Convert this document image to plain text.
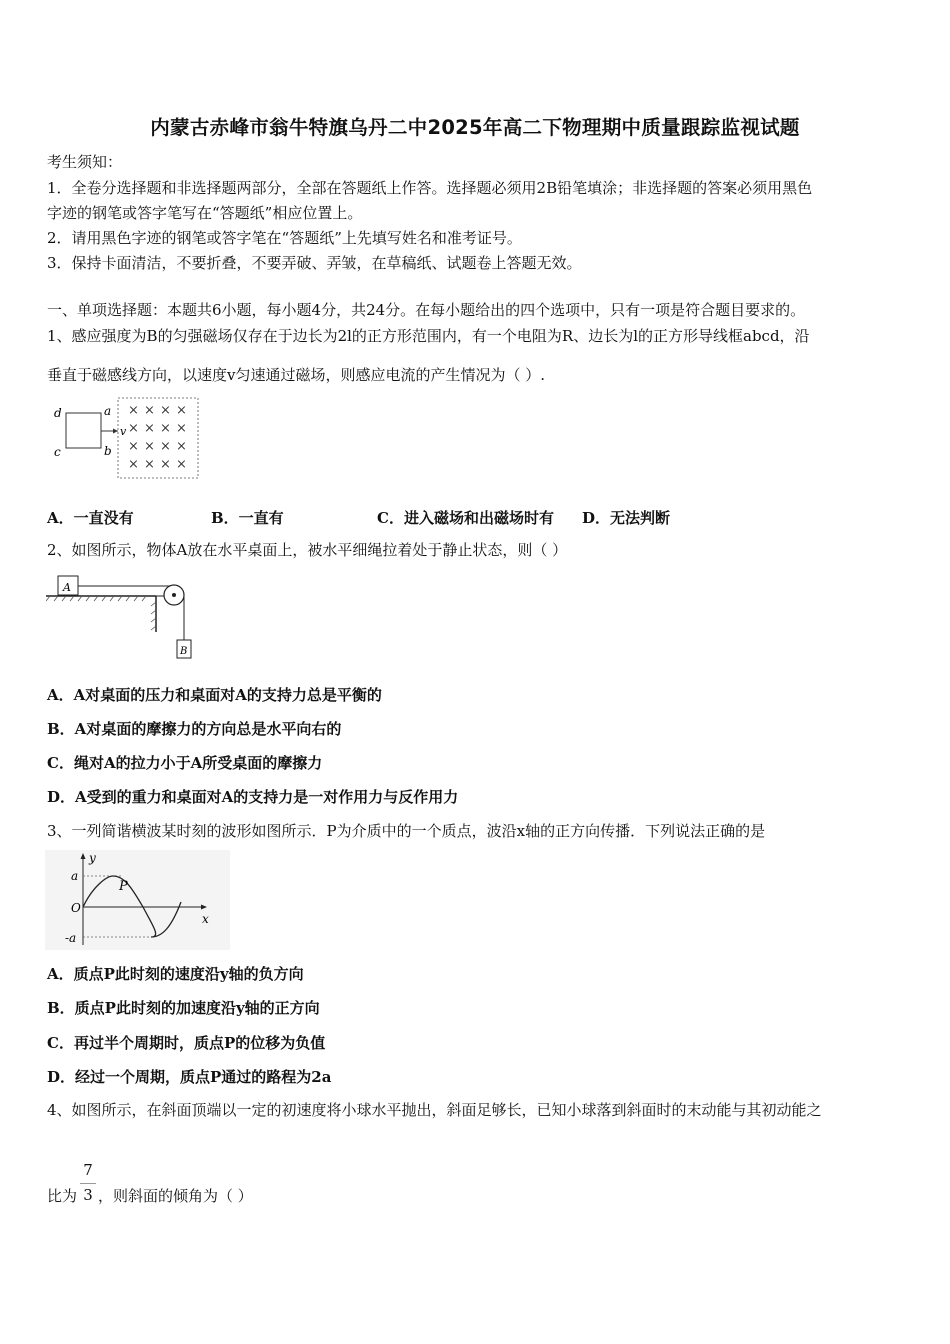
内蒙古赤峰市翁牛特旗乌丹二中2025年高二下物理期中质量跟踪监视试题
考生须知：
1．全卷分选择题和非选择题两部分，全部在答题纸上作答。选择题必须用2B铅笔填涂；非选择题的答案必须用黑色
字迹的钢笔或答字笔写在“答题纸”相应位置上。
2．请用黑色字迹的钢笔或答字笔在“答题纸”上先填写姓名和准考证号。
3．保持卡面清洁，不要折叠，不要弄破、弄皱，在草稿纸、试题卷上答题无效。
一、单项选择题：本题共6小题，每小题4分，共24分。在每小题给出的四个选项中，只有一项是符合题目要求的。
1、感应强度为B的匀强磁场仅存在于边长为2l的正方形范围内，有一个电阻为R、边长为l的正方形导线框abcd，沿
垂直于磁感线方向，以速度v匀速通过磁场，则感应电流的产生情况为（ ）.
d	a
v
c	b
× × × ×
× × × ×
× × × ×
× × × ×
A．一直没有	B．一直有	C．进入磁场和出磁场时有 D．无法判断
2、如图所示，物体A放在水平桌面上，被水平细绳拉着处于静止状态，则（ ）
A
B
A．A对桌面的压力和桌面对A的支持力总是平衡的
B．A对桌面的摩擦力的方向总是水平向右的
C．绳对A的拉力小于A所受桌面的摩擦力
D．A受到的重力和桌面对A的支持力是一对作用力与反作用力
3、一列简谐横波某时刻的波形如图所示．P为介质中的一个质点，波沿x轴的正方向传播．下列说法正确的是
y
a
P
O
x
-a
A．质点P此时刻的速度沿y轴的负方向
B．质点P此时刻的加速度沿y轴的正方向
C．再过半个周期时，质点P的位移为负值
D．经过一个周期，质点P通过的路程为2a
4、如图所示，在斜面顶端以一定的初速度将小球水平抛出，斜面足够长，已知小球落到斜面时的末动能与其初动能之
比为
7
3 ，则斜面的倾角为（ ）
